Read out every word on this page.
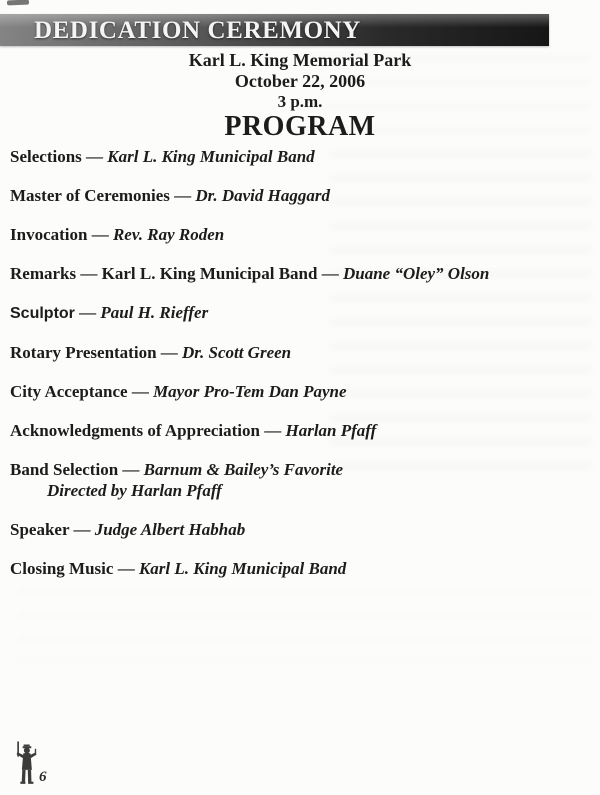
DEDICATION CEREMONY
Karl L. King Memorial Park
October 22, 2006
3 p.m.
PROGRAM
Selections — Karl L. King Municipal Band
Master of Ceremonies — Dr. David Haggard
Invocation — Rev. Ray Roden
Remarks — Karl L. King Municipal Band — Duane “Oley” Olson
Sculptor — Paul H. Rieffer
Rotary Presentation — Dr. Scott Green
City Acceptance — Mayor Pro-Tem Dan Payne
Acknowledgments of Appreciation — Harlan Pfaff
Band Selection — Barnum & Bailey’s Favorite
Directed by Harlan Pfaff
Speaker — Judge Albert Habhab
Closing Music — Karl L. King Municipal Band
6
